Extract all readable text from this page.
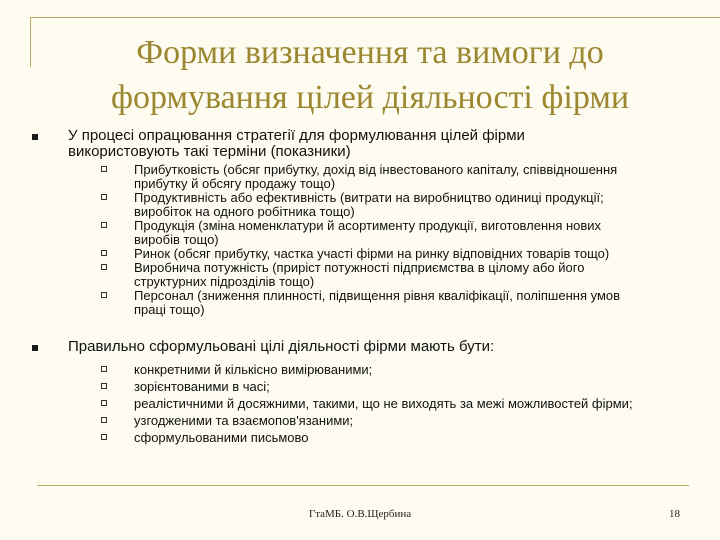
Форми визначення та вимоги до
формування цілей діяльності фірми
У процесі опрацювання стратегії для формулювання цілей фірми
використовують такі терміни (показники)
Прибутковість (обсяг прибутку, дохід від інвестованого капіталу, співвідношення
прибутку й обсягу продажу тощо)
Продуктивність або ефективність (витрати на виробництво одиниці продукції;
виробіток на одного робітника тощо)
Продукція (зміна номенклатури й асортименту продукції, виготовлення нових
виробів тощо)
Ринок (обсяг прибутку, частка участі фірми на ринку відповідних товарів тощо)
Виробнича потужність (приріст потужності підприємства в цілому або його
структурних підрозділів тощо)
Персонал (зниження плинності, підвищення рівня кваліфікації, поліпшення умов
праці тощо)
Правильно сформульовані цілі діяльності фірми мають бути:
конкретними й кількісно вимірюваними;
зорієнтованими в часі;
реалістичними й досяжними, такими, що не виходять за межі можливостей фірми;
узгодженими та взаємопов'язаними;
сформульованими письмово
ГтаМБ. О.В.Щербина	18
